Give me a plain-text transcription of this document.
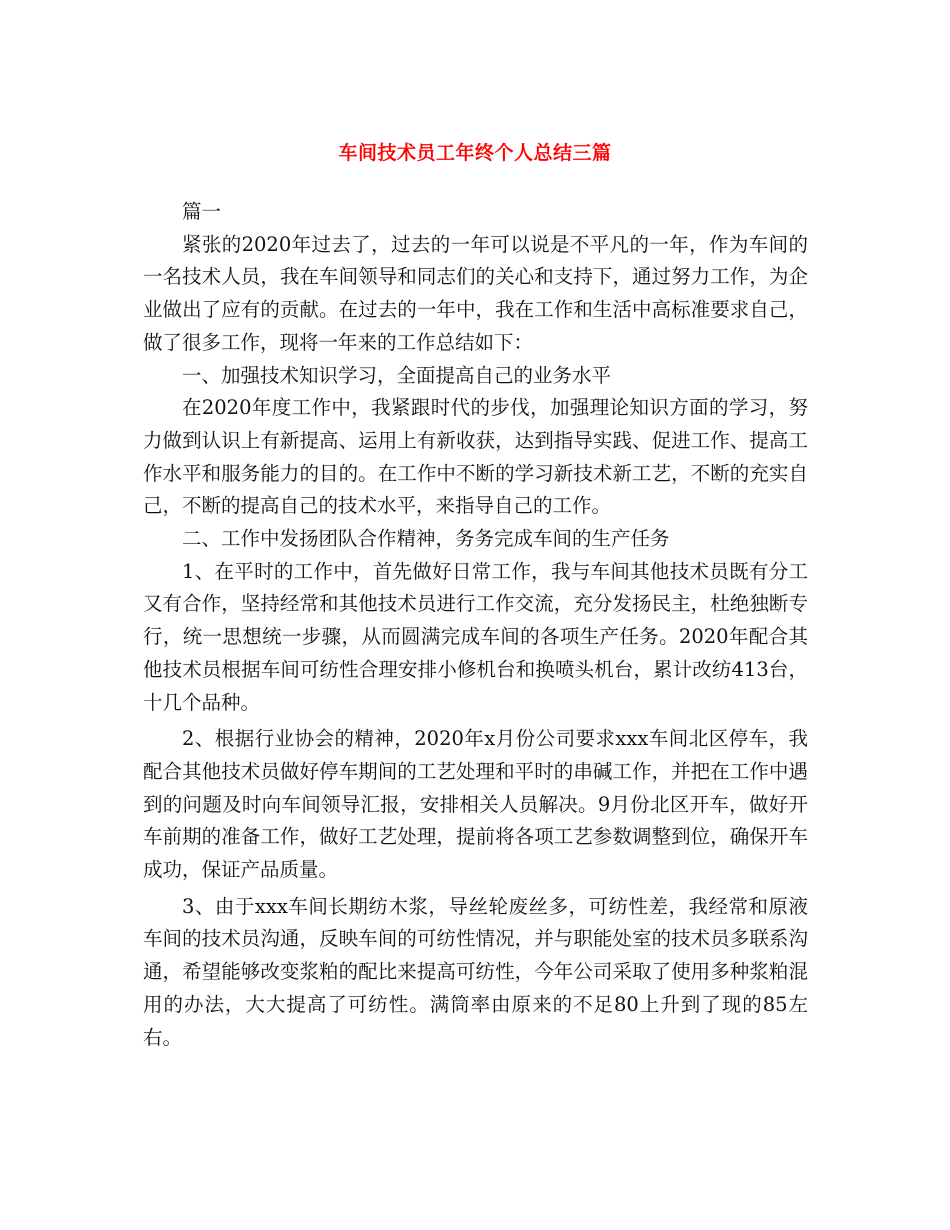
车间技术员工年终个人总结三篇

篇一

紧张的2020年过去了，过去的一年可以说是不平凡的一年，作为车间的一名技术人员，我在车间领导和同志们的关心和支持下，通过努力工作，为企业做出了应有的贡献。在过去的一年中，我在工作和生活中高标准要求自己，做了很多工作，现将一年来的工作总结如下：

一、加强技术知识学习，全面提高自己的业务水平

在2020年度工作中，我紧跟时代的步伐，加强理论知识方面的学习，努力做到认识上有新提高、运用上有新收获，达到指导实践、促进工作、提高工作水平和服务能力的目的。在工作中不断的学习新技术新工艺，不断的充实自己，不断的提高自己的技术水平，来指导自己的工作。

二、工作中发扬团队合作精神，务务完成车间的生产任务

1、在平时的工作中，首先做好日常工作，我与车间其他技术员既有分工又有合作，坚持经常和其他技术员进行工作交流，充分发扬民主，杜绝独断专行，统一思想统一步骤，从而圆满完成车间的各项生产任务。2020年配合其他技术员根据车间可纺性合理安排小修机台和换喷头机台，累计改纺413台，十几个品种。

2、根据行业协会的精神，2020年x月份公司要求xxx车间北区停车，我配合其他技术员做好停车期间的工艺处理和平时的串碱工作，并把在工作中遇到的问题及时向车间领导汇报，安排相关人员解决。9月份北区开车，做好开车前期的准备工作，做好工艺处理，提前将各项工艺参数调整到位，确保开车成功，保证产品质量。

3、由于xxx车间长期纺木浆，导丝轮废丝多，可纺性差，我经常和原液车间的技术员沟通，反映车间的可纺性情况，并与职能处室的技术员多联系沟通，希望能够改变浆粕的配比来提高可纺性，今年公司采取了使用多种浆粕混用的办法，大大提高了可纺性。满筒率由原来的不足80上升到了现的85左右。
